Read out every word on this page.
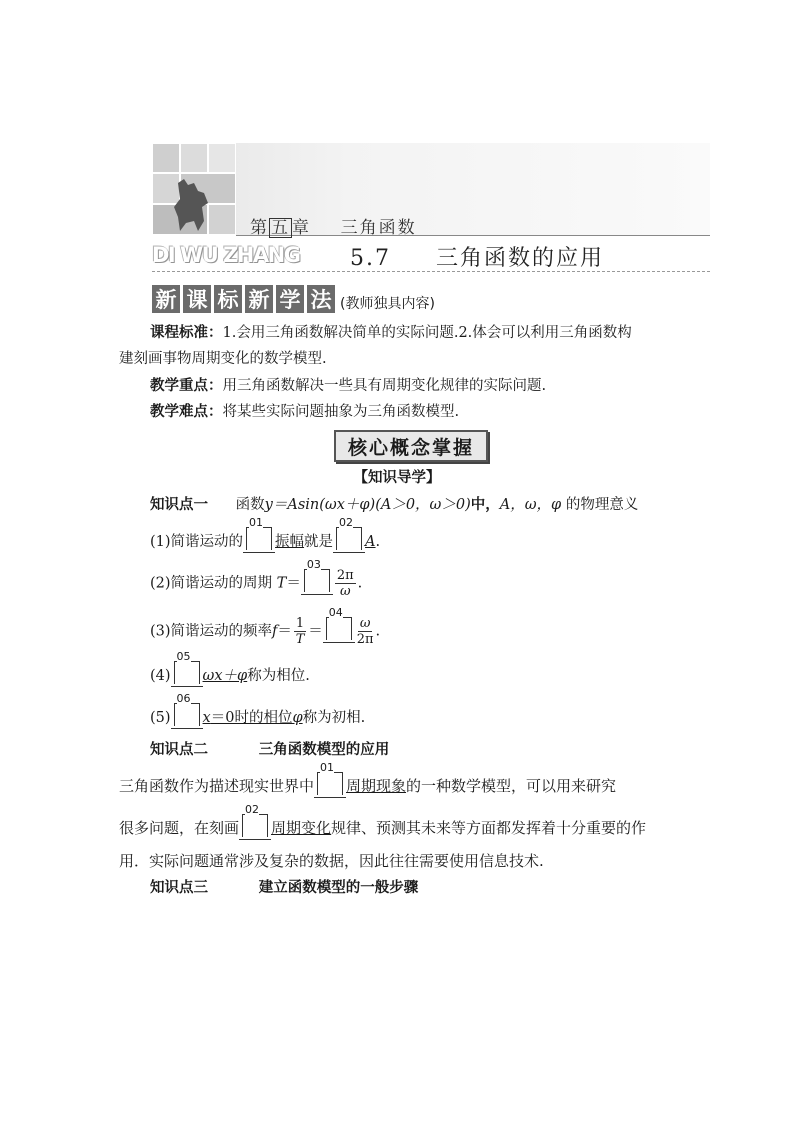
第 五 章 三角函数
DI WU ZHANG 5.7 三角函数的应用
新 课 标 新 学 法 (教师独具内容)
课程标准：1.会用三角函数解决简单的实际问题.2.体会可以利用三角函数构
建刻画事物周期变化的数学模型.
教学重点：用三角函数解决一些具有周期变化规律的实际问题.
教学难点：将某些实际问题抽象为三角函数模型.
核心概念掌握
【知识导学】
知识点一 函数y＝Asin(ωx＋φ)(A＞0，ω＞0)中，A，ω，φ 的物理意义
(1)简谐运动的
01
振幅就是
02
A.
(2)简谐运动的周期 T＝
03
$\frac{2\pi}{\omega}$ .
(3)简谐运动的频率$f= \frac{1}{T}$ ＝
04
$\frac{\omega}{2\pi}$ .
(4)
05
ωx＋φ称为相位.
(5)
06
x＝0时的相位φ称为初相.
知识点二	三角函数模型的应用
三角函数作为描述现实世界中
01
周期现象的一种数学模型，可以用来研究
很多问题，在刻画
02
周期变化规律、预测其未来等方面都发挥着十分重要的作
用．实际问题通常涉及复杂的数据，因此往往需要使用信息技术.
知识点三	建立函数模型的一般步骤
